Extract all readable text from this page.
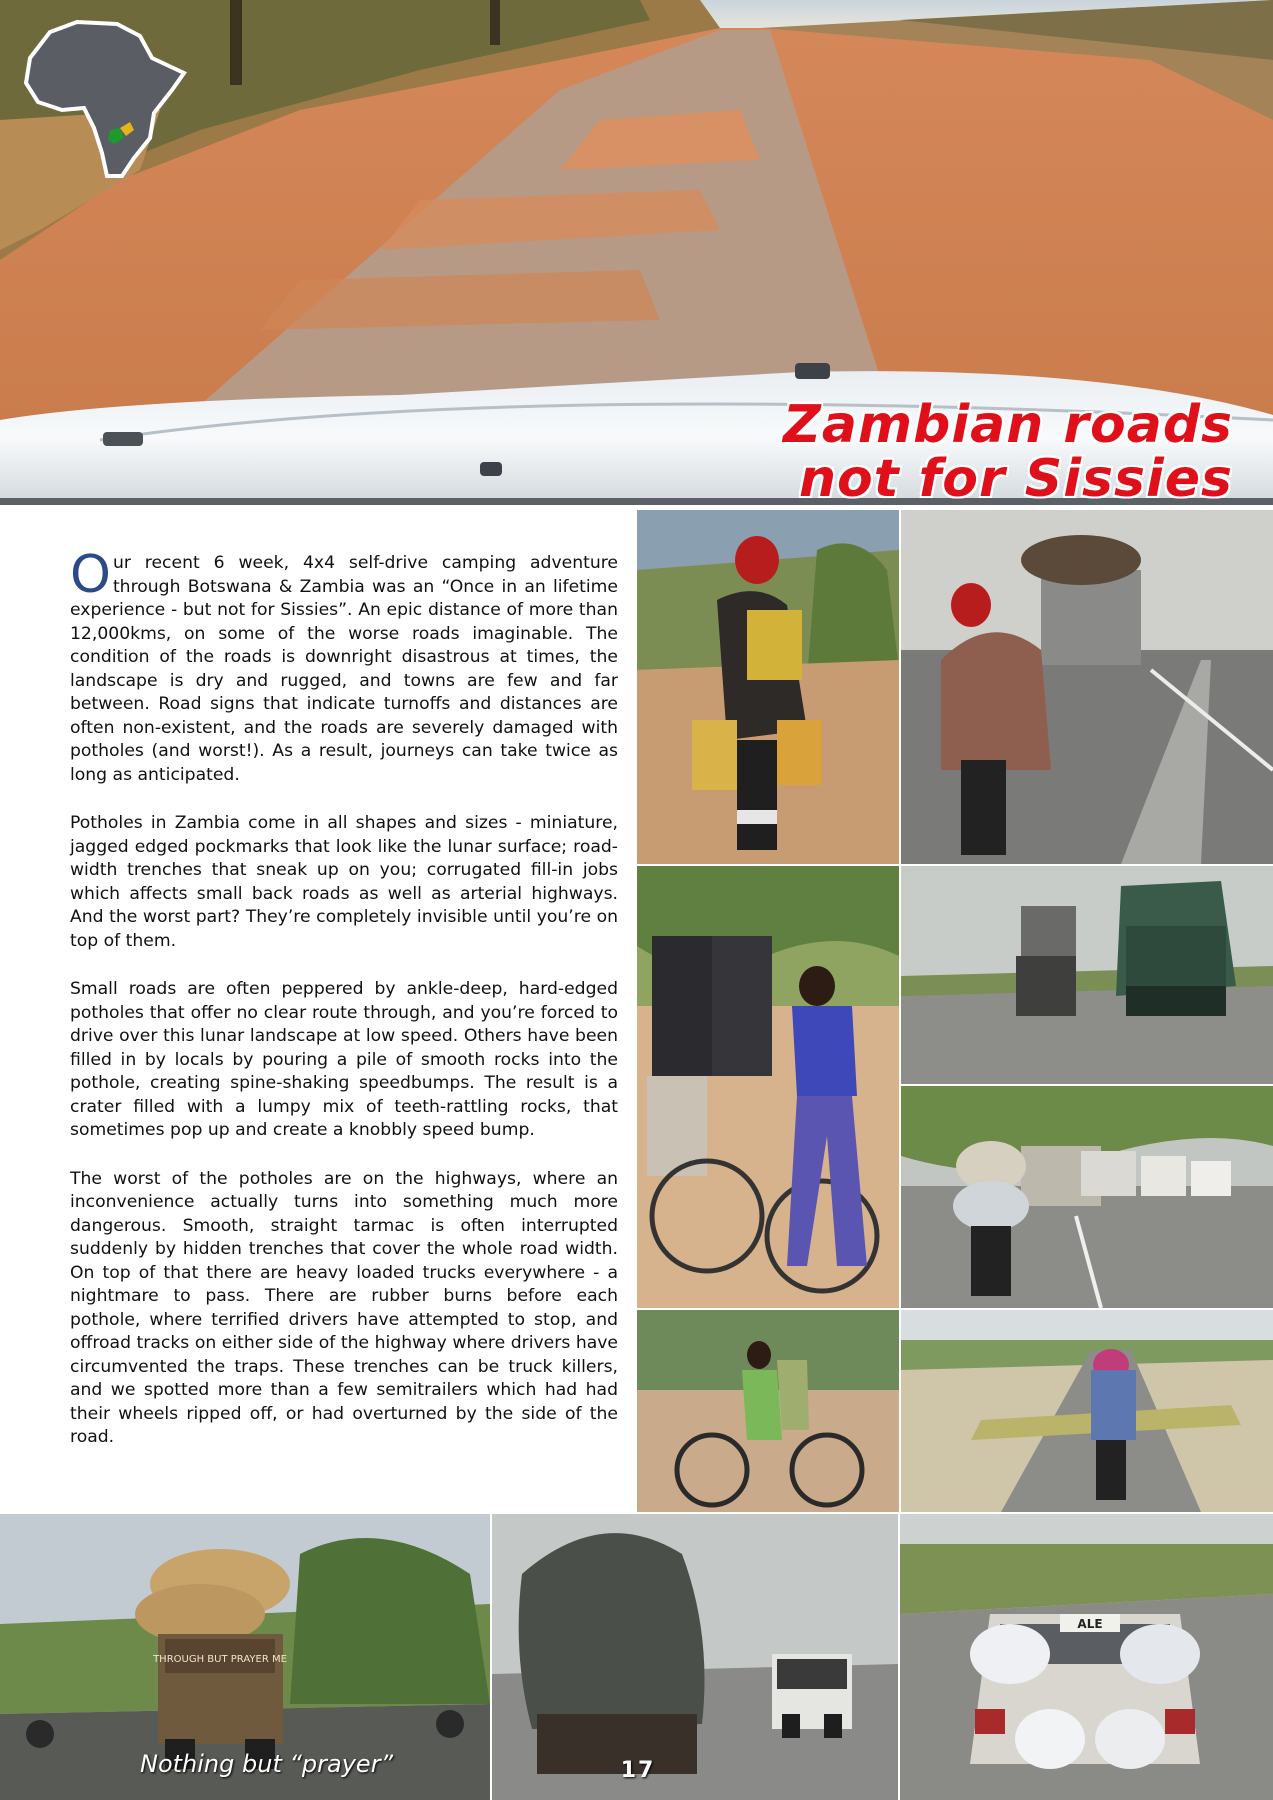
Zambian roads
not for Sissies

Our recent 6 week, 4x4 self-drive camping adventure through Botswana & Zambia was an “Once in an lifetime experience - but not for Sissies”. An epic distance of more than 12,000kms, on some of the worse roads imaginable. The condition of the roads is downright disastrous at times, the landscape is dry and rugged, and towns are few and far between. Road signs that indicate turnoffs and distances are often non-existent, and the roads are severely damaged with potholes (and worst!). As a result, journeys can take twice as long as anticipated.

Potholes in Zambia come in all shapes and sizes - miniature, jagged edged pockmarks that look like the lunar surface; road-width trenches that sneak up on you; corrugated fill-in jobs which affects small back roads as well as arterial highways. And the worst part? They’re completely invisible until you’re on top of them.

Small roads are often peppered by ankle-deep, hard-edged potholes that offer no clear route through, and you’re forced to drive over this lunar landscape at low speed. Others have been filled in by locals by pouring a pile of smooth rocks into the pothole, creating spine-shaking speedbumps. The result is a crater filled with a lumpy mix of teeth-rattling rocks, that sometimes pop up and create a knobbly speed bump.

The worst of the potholes are on the highways, where an inconvenience actually turns into something much more dangerous. Smooth, straight tarmac is often interrupted suddenly by hidden trenches that cover the whole road width. On top of that there are heavy loaded trucks everywhere - a nightmare to pass. There are rubber burns before each pothole, where terrified drivers have attempted to stop, and offroad tracks on either side of the highway where drivers have circumvented the traps. These trenches can be truck killers, and we spotted more than a few semitrailers which had had their wheels ripped off, or had overturned by the side of the road.

THROUGH BUT PRAYER ME
ALE
Nothing but “prayer”	17
